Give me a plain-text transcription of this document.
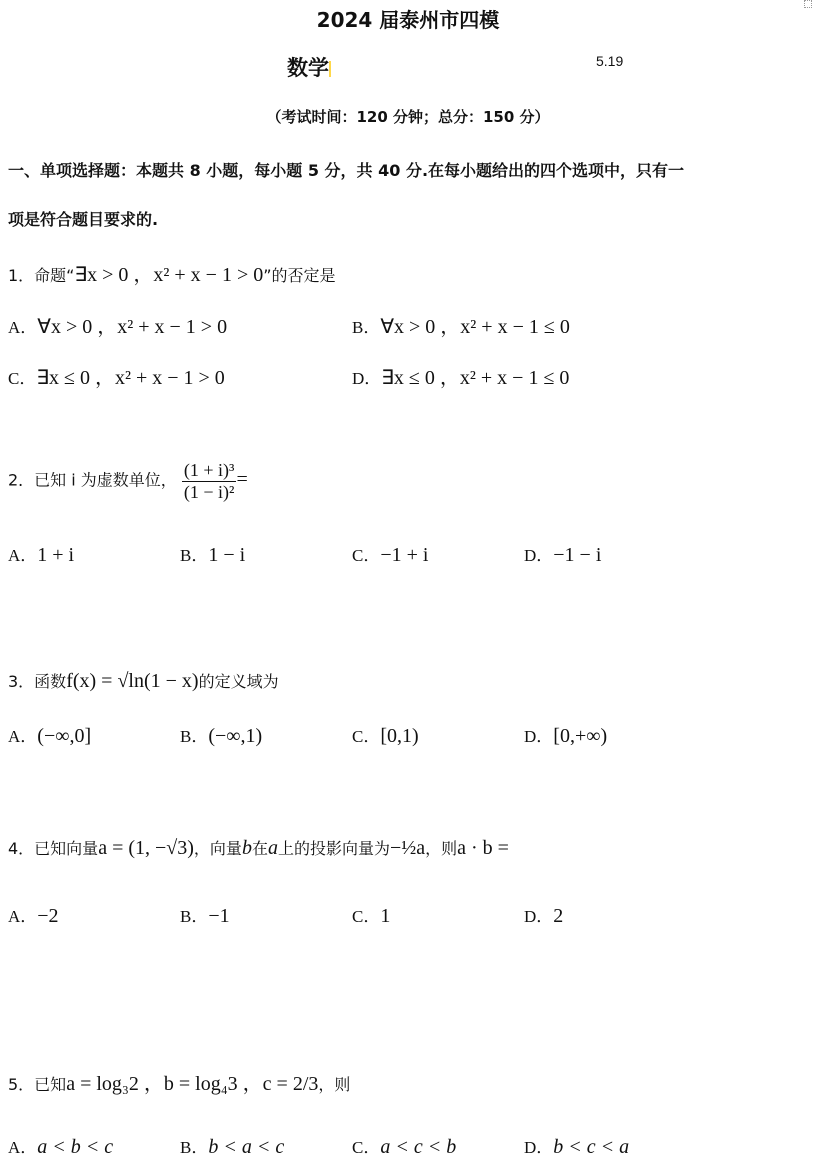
2024 届泰州市四模
数学	5.19
（考试时间：120 分钟；总分：150 分）
一、单项选择题：本题共 8 小题，每小题 5 分，共 40 分.在每小题给出的四个选项中，只有一
项是符合题目要求的.
1．命题“∃x > 0 ，x² + x − 1 > 0”的否定是
A．∀x > 0 ，x² + x − 1 > 0	B．∀x > 0 ，x² + x − 1 ≤ 0
C．∃x ≤ 0 ，x² + x − 1 > 0	D．∃x ≤ 0 ，x² + x − 1 ≤ 0
2．已知 i 为虚数单位， $\frac{\text{(1 + i)³}}{\text{(1 − i)²}}$ =
A．1 + i	B．1 − i	C．−1 + i	D．−1 − i
3．函数f(x) = √ln(1 − x)的定义域为
A．(−∞,0]	B．(−∞,1)	C．[0,1)	D．[0,+∞)
4．已知向量a = (1, −√3)，向量b在a上的投影向量为−½a，则a · b =
A．−2	B．−1	C．1	D．2
5．已知a = log₃2 ，b = log₄3 ，c = 2/3，则
A．a < b < c	B．b < a < c	C．a < c < b	D．b < c < a
